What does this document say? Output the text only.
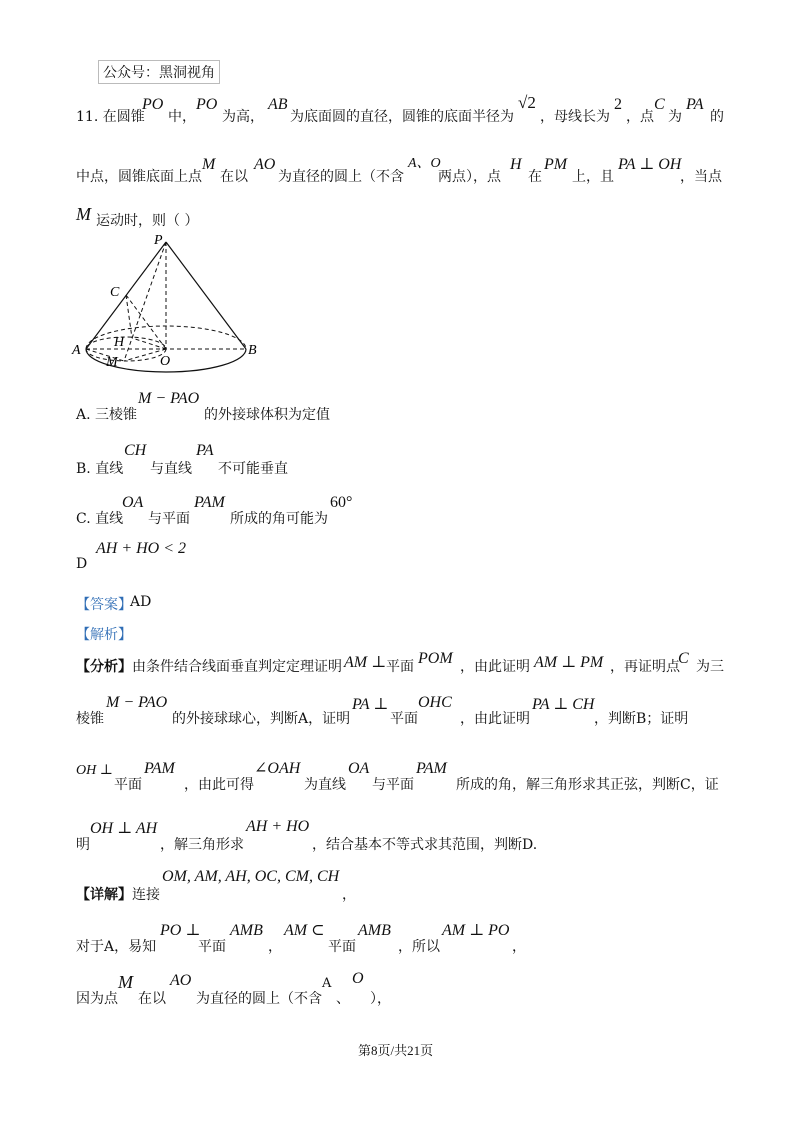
公众号：黑洞视角
11. 在圆锥
PO
中，
PO
为高，
AB
为底面圆的直径，圆锥的底面半径为
√2
，母线长为
2
，点
C
为
PA
的
中点，圆锥底面上点
M
在以
AO
为直径的圆上（不含
A、O
两点），点
H
在
PM
上，且
PA ⊥ OH
，当点
M 运动时，则（ ）
P
C
H
A	B
O
M
A. 三棱锥
M − PAO
的外接球体积为定值
B. 直线
CH
与直线
PA
不可能垂直
C. 直线
OA
与平面
PAM
所成的角可能为
60°
AH + HO < 2
D
【答案】
AD
【解析】
【分析】 由条件结合线面垂直判定定理证明 AM ⊥ 平面 POM ，由此证明 AM ⊥ PM ，再证明点
C 为三
棱锥
M − PAO
的外接球球心，判断A，证明
PA ⊥
平面
OHC
，由此证明
PA ⊥ CH
，判断B；证明
OH ⊥
平面
PAM
，由此可得
∠OAH
为直线
OA
与平面
PAM
所成的角，解三角形求其正弦，判断C，证
明
OH ⊥ AH
，解三角形求
AH + HO
，结合基本不等式求其范围，判断D.
【详解】 连接
OM, AM, AH, OC, CM, CH
，
对于A，易知
PO ⊥
平面
AMB
，
AM ⊂
平面
AMB
，所以
AM ⊥ PO
，
因为点
M
在以
AO
为直径的圆上（不含
A
、
O
），
第8页/共21页
